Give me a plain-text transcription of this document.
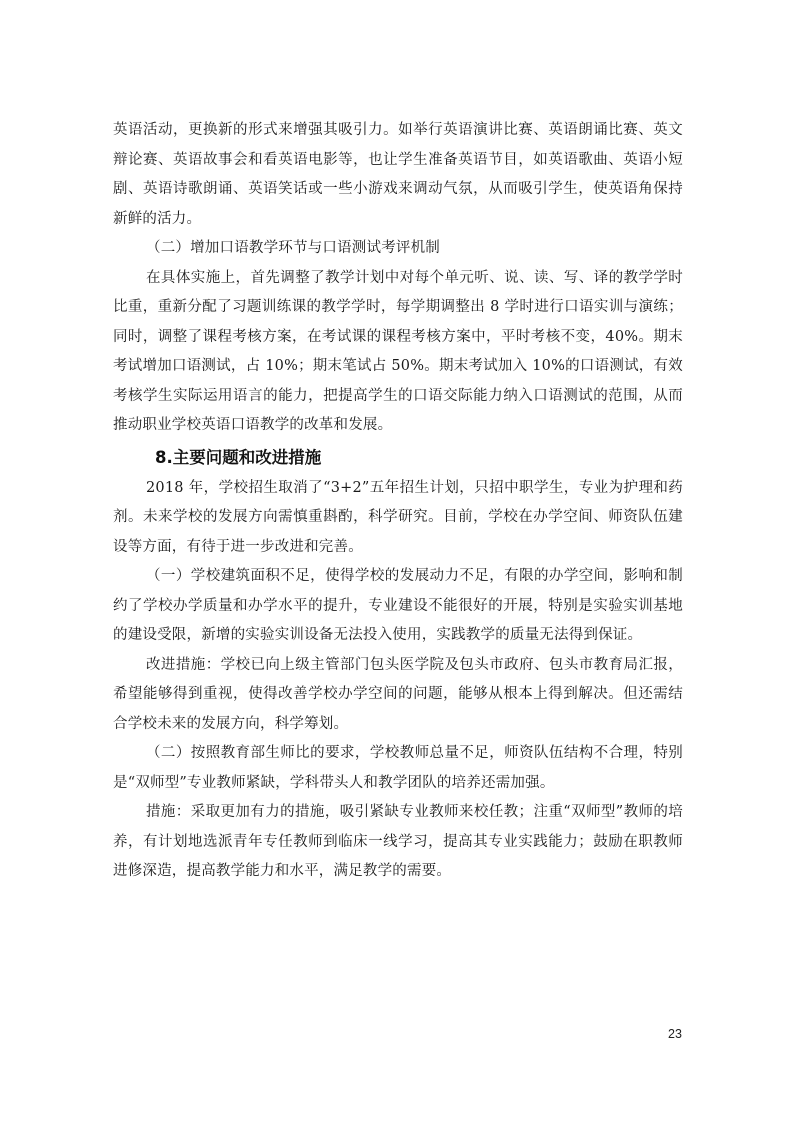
英语活动，更换新的形式来增强其吸引力。如举行英语演讲比赛、英语朗诵比赛、英文辩论赛、英语故事会和看英语电影等，也让学生准备英语节目，如英语歌曲、英语小短剧、英语诗歌朗诵、英语笑话或一些小游戏来调动气氛，从而吸引学生，使英语角保持新鲜的活力。

（二）增加口语教学环节与口语测试考评机制

在具体实施上，首先调整了教学计划中对每个单元听、说、读、写、译的教学学时比重，重新分配了习题训练课的教学学时，每学期调整出 8 学时进行口语实训与演练；同时，调整了课程考核方案，在考试课的课程考核方案中，平时考核不变，40%。期末考试增加口语测试，占 10%；期末笔试占 50%。期末考试加入 10%的口语测试，有效考核学生实际运用语言的能力，把提高学生的口语交际能力纳入口语测试的范围，从而推动职业学校英语口语教学的改革和发展。

8.主要问题和改进措施

2018 年，学校招生取消了“3+2”五年招生计划，只招中职学生，专业为护理和药剂。未来学校的发展方向需慎重斟酌，科学研究。目前，学校在办学空间、师资队伍建设等方面，有待于进一步改进和完善。

（一）学校建筑面积不足，使得学校的发展动力不足，有限的办学空间，影响和制约了学校办学质量和办学水平的提升，专业建设不能很好的开展，特别是实验实训基地的建设受限，新增的实验实训设备无法投入使用，实践教学的质量无法得到保证。

改进措施：学校已向上级主管部门包头医学院及包头市政府、包头市教育局汇报，希望能够得到重视，使得改善学校办学空间的问题，能够从根本上得到解决。但还需结合学校未来的发展方向，科学筹划。

（二）按照教育部生师比的要求，学校教师总量不足，师资队伍结构不合理，特别是“双师型”专业教师紧缺，学科带头人和教学团队的培养还需加强。

措施：采取更加有力的措施，吸引紧缺专业教师来校任教；注重“双师型”教师的培养，有计划地选派青年专任教师到临床一线学习，提高其专业实践能力；鼓励在职教师进修深造，提高教学能力和水平，满足教学的需要。

23
